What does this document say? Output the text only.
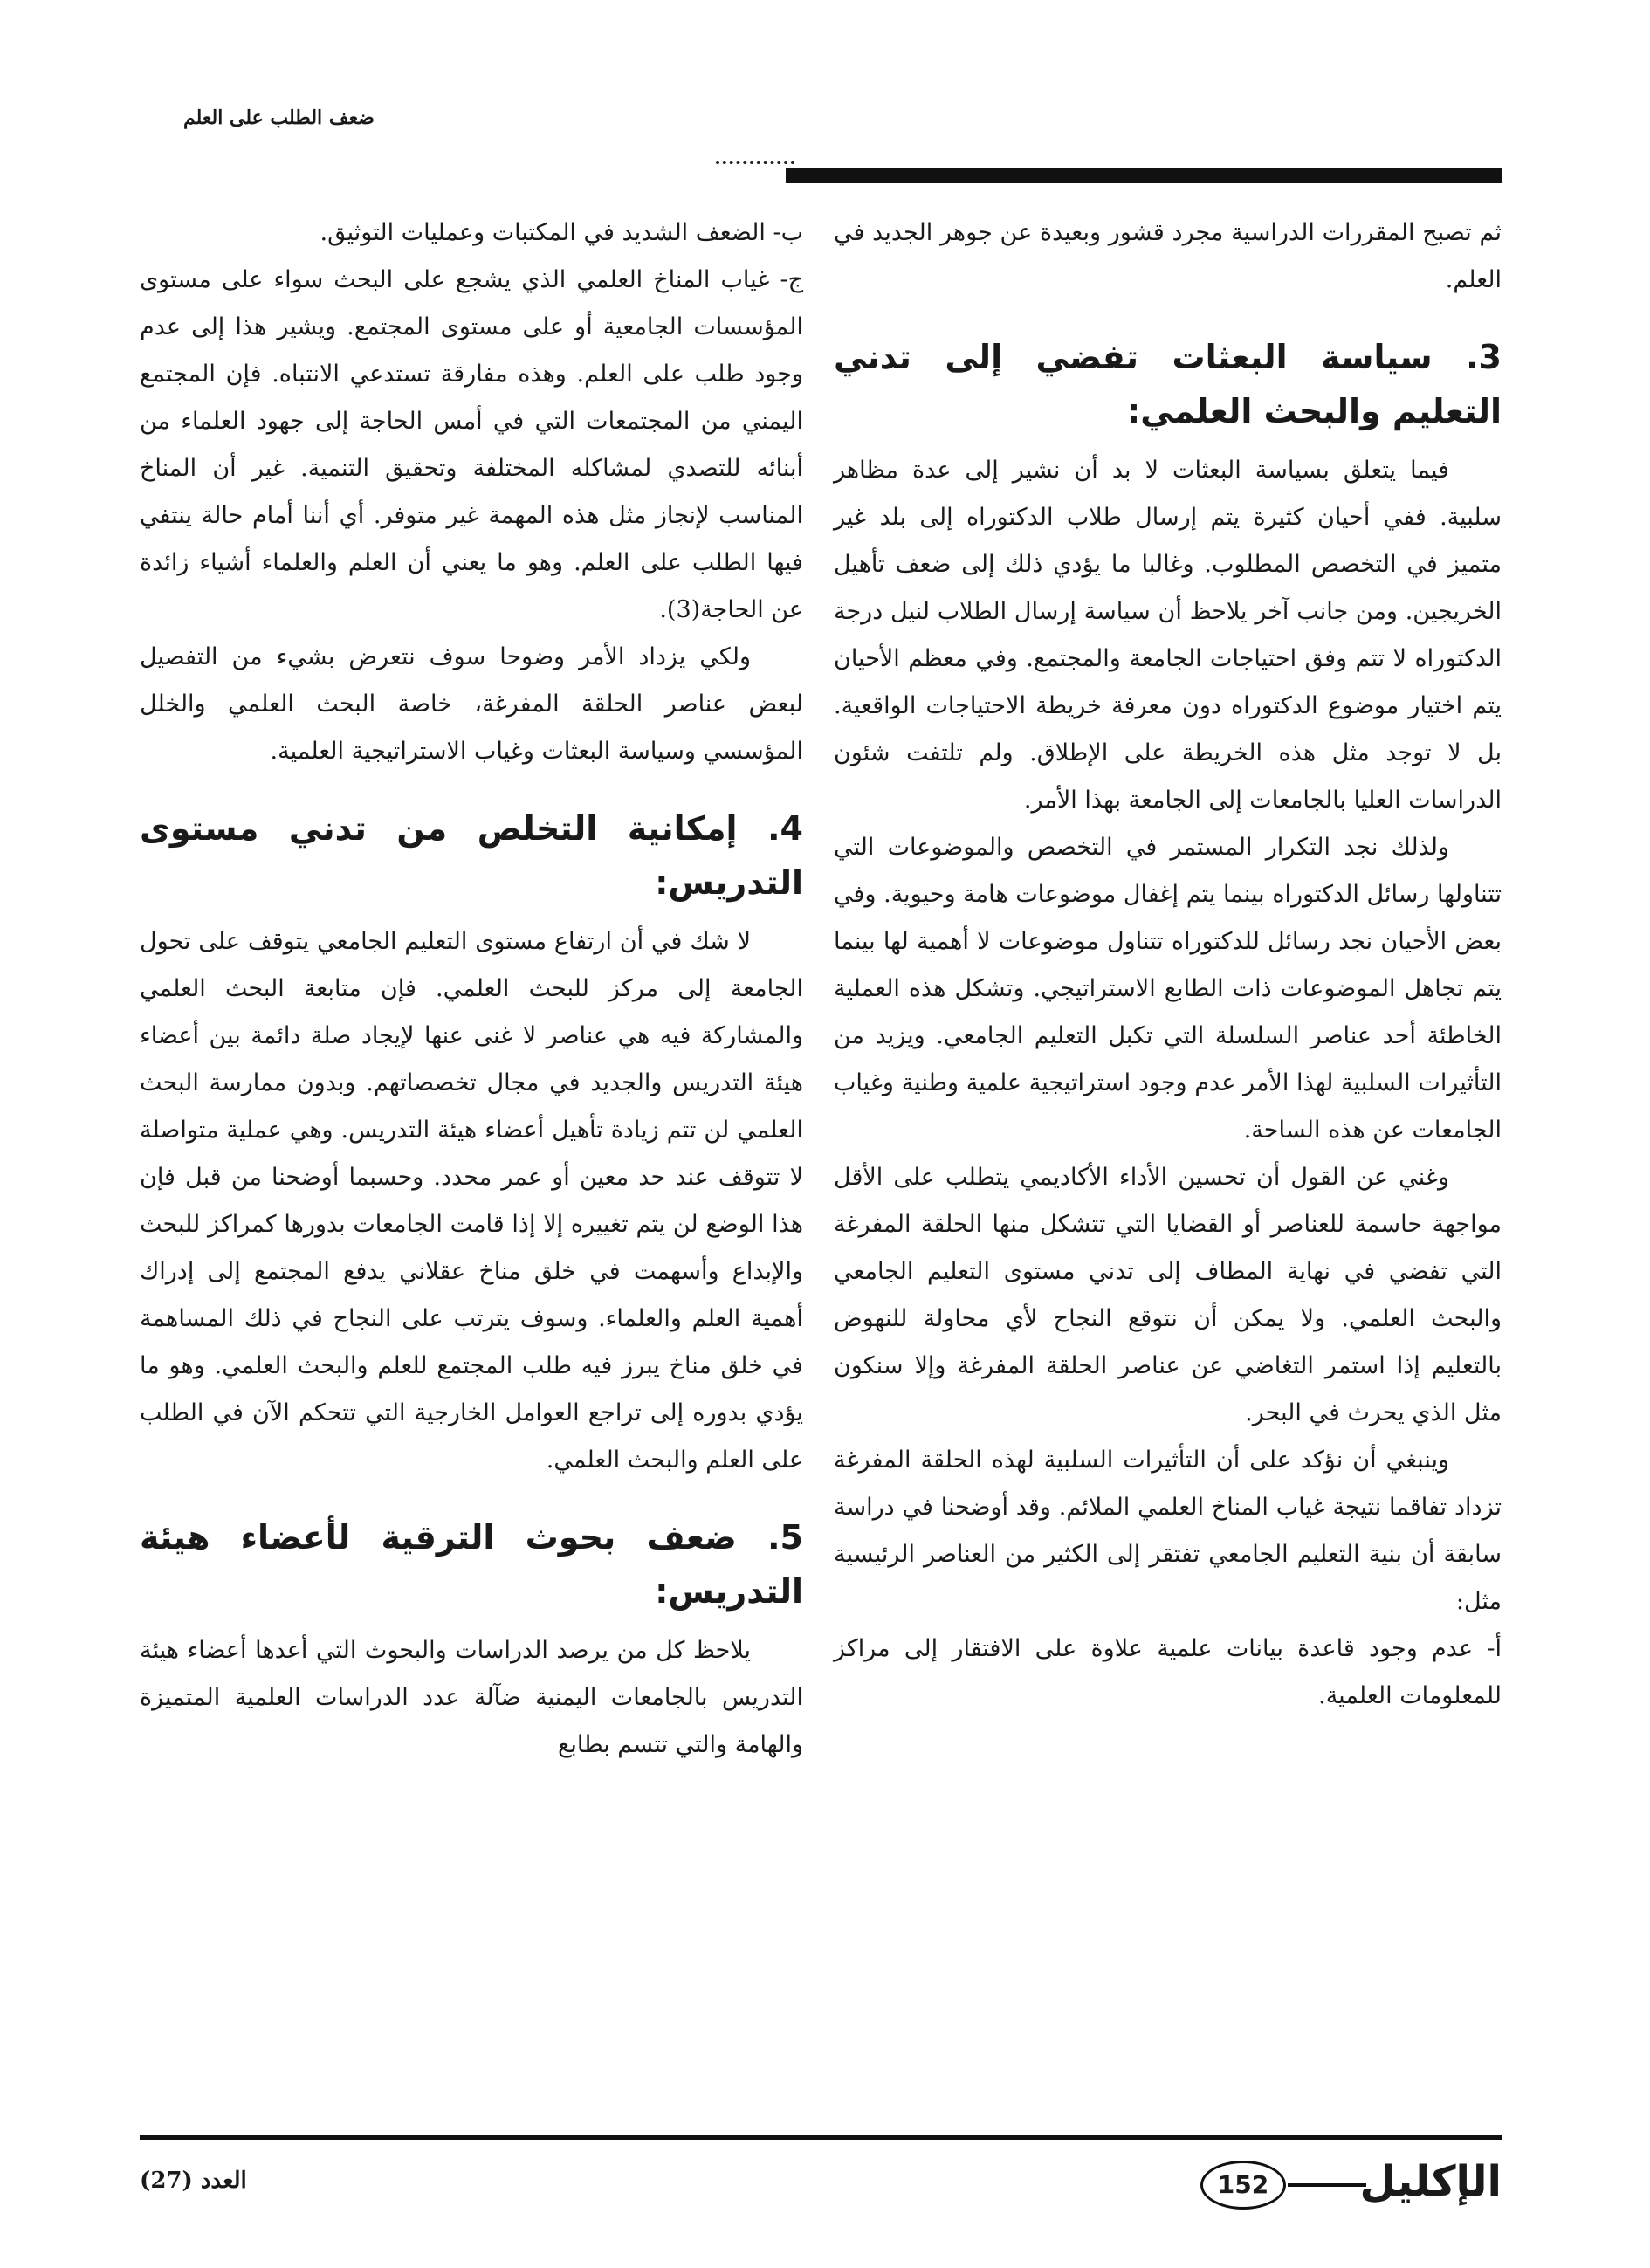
ضعف الطلب على العلم

ثم تصبح المقررات الدراسية مجرد قشور وبعيدة عن جوهر الجديد في العلم.

3. سياسة البعثات تفضي إلى تدني التعليم والبحث العلمي:

فيما يتعلق بسياسة البعثات لا بد أن نشير إلى عدة مظاهر سلبية. ففي أحيان كثيرة يتم إرسال طلاب الدكتوراه إلى بلد غير متميز في التخصص المطلوب. وغالبا ما يؤدي ذلك إلى ضعف تأهيل الخريجين. ومن جانب آخر يلاحظ أن سياسة إرسال الطلاب لنيل درجة الدكتوراه لا تتم وفق احتياجات الجامعة والمجتمع. وفي معظم الأحيان يتم اختيار موضوع الدكتوراه دون معرفة خريطة الاحتياجات الواقعية. بل لا توجد مثل هذه الخريطة على الإطلاق. ولم تلتفت شئون الدراسات العليا بالجامعات إلى الجامعة بهذا الأمر.

ولذلك نجد التكرار المستمر في التخصص والموضوعات التي تتناولها رسائل الدكتوراه بينما يتم إغفال موضوعات هامة وحيوية. وفي بعض الأحيان نجد رسائل للدكتوراه تتناول موضوعات لا أهمية لها بينما يتم تجاهل الموضوعات ذات الطابع الاستراتيجي. وتشكل هذه العملية الخاطئة أحد عناصر السلسلة التي تكبل التعليم الجامعي. ويزيد من التأثيرات السلبية لهذا الأمر عدم وجود استراتيجية علمية وطنية وغياب الجامعات عن هذه الساحة.

وغني عن القول أن تحسين الأداء الأكاديمي يتطلب على الأقل مواجهة حاسمة للعناصر أو القضايا التي تتشكل منها الحلقة المفرغة التي تفضي في نهاية المطاف إلى تدني مستوى التعليم الجامعي والبحث العلمي. ولا يمكن أن نتوقع النجاح لأي محاولة للنهوض بالتعليم إذا استمر التغاضي عن عناصر الحلقة المفرغة وإلا سنكون مثل الذي يحرث في البحر.

وينبغي أن نؤكد على أن التأثيرات السلبية لهذه الحلقة المفرغة تزداد تفاقما نتيجة غياب المناخ العلمي الملائم. وقد أوضحنا في دراسة سابقة أن بنية التعليم الجامعي تفتقر إلى الكثير من العناصر الرئيسية مثل:

أ- عدم وجود قاعدة بيانات علمية علاوة على الافتقار إلى مراكز للمعلومات العلمية.

ب- الضعف الشديد في المكتبات وعمليات التوثيق.

ج- غياب المناخ العلمي الذي يشجع على البحث سواء على مستوى المؤسسات الجامعية أو على مستوى المجتمع. ويشير هذا إلى عدم وجود طلب على العلم. وهذه مفارقة تستدعي الانتباه. فإن المجتمع اليمني من المجتمعات التي في أمس الحاجة إلى جهود العلماء من أبنائه للتصدي لمشاكله المختلفة وتحقيق التنمية. غير أن المناخ المناسب لإنجاز مثل هذه المهمة غير متوفر. أي أننا أمام حالة ينتفي فيها الطلب على العلم. وهو ما يعني أن العلم والعلماء أشياء زائدة عن الحاجة(3).

ولكي يزداد الأمر وضوحا سوف نتعرض بشيء من التفصيل لبعض عناصر الحلقة المفرغة، خاصة البحث العلمي والخلل المؤسسي وسياسة البعثات وغياب الاستراتيجية العلمية.

4. إمكانية التخلص من تدني مستوى التدريس:

لا شك في أن ارتفاع مستوى التعليم الجامعي يتوقف على تحول الجامعة إلى مركز للبحث العلمي. فإن متابعة البحث العلمي والمشاركة فيه هي عناصر لا غنى عنها لإيجاد صلة دائمة بين أعضاء هيئة التدريس والجديد في مجال تخصصاتهم. وبدون ممارسة البحث العلمي لن تتم زيادة تأهيل أعضاء هيئة التدريس. وهي عملية متواصلة لا تتوقف عند حد معين أو عمر محدد. وحسبما أوضحنا من قبل فإن هذا الوضع لن يتم تغييره إلا إذا قامت الجامعات بدورها كمراكز للبحث والإبداع وأسهمت في خلق مناخ عقلاني يدفع المجتمع إلى إدراك أهمية العلم والعلماء. وسوف يترتب على النجاح في ذلك المساهمة في خلق مناخ يبرز فيه طلب المجتمع للعلم والبحث العلمي. وهو ما يؤدي بدوره إلى تراجع العوامل الخارجية التي تتحكم الآن في الطلب على العلم والبحث العلمي.

5. ضعف بحوث الترقية لأعضاء هيئة التدريس:

يلاحظ كل من يرصد الدراسات والبحوث التي أعدها أعضاء هيئة التدريس بالجامعات اليمنية ضآلة عدد الدراسات العلمية المتميزة والهامة والتي تتسم بطابع

العدد (27)	152	الإكليل
